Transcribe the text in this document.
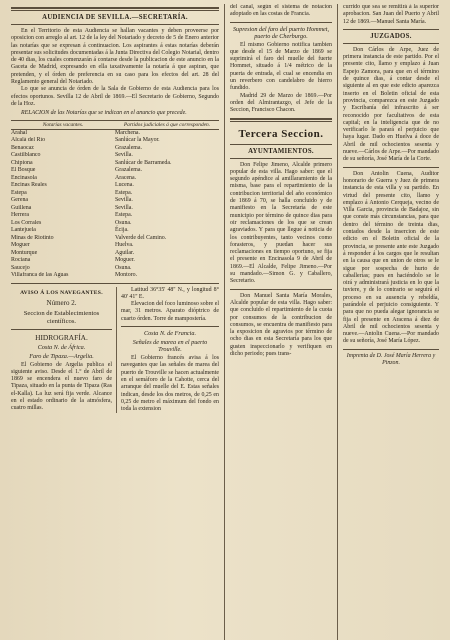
AUDIENCIA DE SEVILLA.—SECRETARÍA.

En el Territorio de esta Audiencia se hallan vacantes y deben proveerse por oposicion con arreglo al art. 12 de la ley del Notariado y decreto de 5 de Enero anterior las notarías que se expresan á continuacion. Los aspirantes á estas notarías deberán presentar sus solicitudes documentadas á la Junta Directiva del Colegio Notarial, dentro de 40 dias, los cuales comenzarán á contarse desde la publicacion de este anuncio en la Gaceta de Madrid, expresando en ella taxativamente la notaría á que aspiran, que pretenden, y el órden de preferencia en su caso para los efectos del art. 28 del Reglamento general del Notariado.

Lo que se anuncia de órden de la Sala de Gobierno de esta Audiencia para los efectos oportunos. Sevilla 12 de Abril de 1869.—El Secretario de Gobierno, Segundo de la Hoz.

RELACION de las Notarías que se indican en el anuncio que precede.

Notarías vacantes.	Partidos judiciales á que corresponden.
Arahal	Marchena.
Alcalá del Río	Sanlúcar la Mayor.
Benaocaz	Grazalema.
Castilblanco	Sevilla.
Chipiona	Sanlúcar de Barrameda.
El Bosque	Grazalema.
Encinasola	Aracena.
Encinas Reales	Lucena.
Estepa	Estepa.
Gerena	Sevilla.
Guillena	Sevilla.
Herrera	Estepa.
Los Corrales	Osuna.
Lantejuela	Écija.
Minas de Riotinto	Valverde del Camino.
Moguer	Huelva.
Monturque	Aguilar.
Rociana	Moguer.
Saucejo	Osuna.
Villafranca de las Aguas	Montoro.
AVISO Á LOS NAVEGANTES.
Número 2.
Seccion de Establecimientos científicos.
HIDROGRAFÍA.
Costa N. de África.
Faro de Tipaza.—Argelia.

El Gobierno de Argelia publica el siguiente aviso. Desde el 1.º de Abril de 1869 se encendera el nuevo faro de Tipaza, situado en la punta de Tipaza (Ras el-Kalla). La luz será fija verde. Alcance en el estado ordinario de la atmósfera, cuatro millas.

Latitud 36°35' 48'' N., y longitud 8° 40' 41'' E.

Elevacion del foco luminoso sobre el mar, 31 metros. Aparato dióptrico de cuarto órden. Torre de mampostería.

Costa N. de Francia.
Señales de marea en el puerto Trouville.

El Gobierno francés avisa á los navegantes que las señales de marea del puerto de Trouville se hacen actualmente en el semáforo de la Cahotte, cerca del arranque del muelle del E. Estas señales indican, desde los dos metros, de 0,25 en 0,25 de metro el máximum del fondo en toda la extension

del canal, según el sistema de notacion adoptado en las costas de Francia.

Supresion del faro del puerto Hommet, puerto de Cherburgo.

El mismo Gobierno notifica tambien que desde el 15 de Marzo de 1869 se suprimirá el faro del muelle del fuerte Hommet, situado á 1/4 métrico de la puerta de entrada, el cual se encendia en un reverbero con candelabro de hierro fundido.

Madrid 29 de Marzo de 1869.—Por orden del Almirantazgo, el Jefe de la Seccion, Francisco Chacon.

Tercera Seccion.
AYUNTAMIENTOS.

Don Felipe Jimeno, Alcalde primero popular de esta villa. Hago saber: que el segundo apéndice al amillaramiento de la misma, base para el repartimiento de la contribucion territorial del año económico de 1869 á 70, se halla concluido y de manifiesto en la Secretaría de este municipio por término de quince dias para oir reclamaciones de los que se crean agraviados. Y para que llegue á noticia de los contribuyentes, tanto vecinos como forasteros, y puedan hacer sus reclamaciones en tiempo oportuno, se fija el presente en Encinasola 9 de Abril de 1869.—El Alcalde, Felipe Jimeno.—Por su mandado.—Simon G. y Caballero, Secretario.

Don Manuel Santa María Morales, Alcalde popular de esta villa. Hago saber: que concluido el repartimiento de la cuota por consumos de la contribucion de consumos, se encuentra de manifiesto para la exposicion de agravios por término de ocho dias en esta Secretaría para los que gusten inspeccionarlo y verifiquen en dicho periodo; pues trans-

currido que sea se remitirá á la superior aprobacion. San Juan del Puerto y Abril 12 de 1869.—Manuel Santa María.

JUZGADOS.

Don Cárlos de Arpe, Juez de primera instancia de este partido. Por el presente cito, llamo y emplazo á Juan Espejo Zamora, para que en el término de quince dias, á contar desde el siguiente al en que este edicto aparezca inserto en el Boletin oficial de esta provincia, comparezca en este Juzgado y Escribanía del infrascrito á ser reconocido por facultativos de esta capital; en la inteligencia que de no verificarlo le parará el perjuicio que haya lugar. Dado en Huelva á doce de Abril de mil ochocientos sesenta y nueve.—Cárlos de Arpe.—Por mandado de su señoría, José María de la Corte.

Don Antolin Cuena, Auditor honorario de Guerra y Juez de primera instancia de esta villa y su partido. En virtud del presente cito, llamo y emplazo á Antonio Cerqueja, vecino de Villa Garcia, provincia de Badajoz, sin que conste más circunstancias, para que dentro del término de treinta dias, contados desde la insercion de este edicto en el Boletin oficial de la provincia, se presente ante este Juzgado á responder á los cargos que le resultan en la causa que en union de otros se le sigue por sospecha de hurto de caballerías; pues en haciéndolo se le oirá y administrará justicia en lo que la tuviere, y de lo contrario se seguirá el proceso en su ausencia y rebeldía, parándole el perjuicio consiguiente. Y para que no pueda alegar ignorancia se fija el presente en Aracena á diez de Abril de mil ochocientos sesenta y nueve.—Antolin Cuena.—Por mandado de su señoría, José María López.

Imprenta de D. José María Herrera y Pinzon.
